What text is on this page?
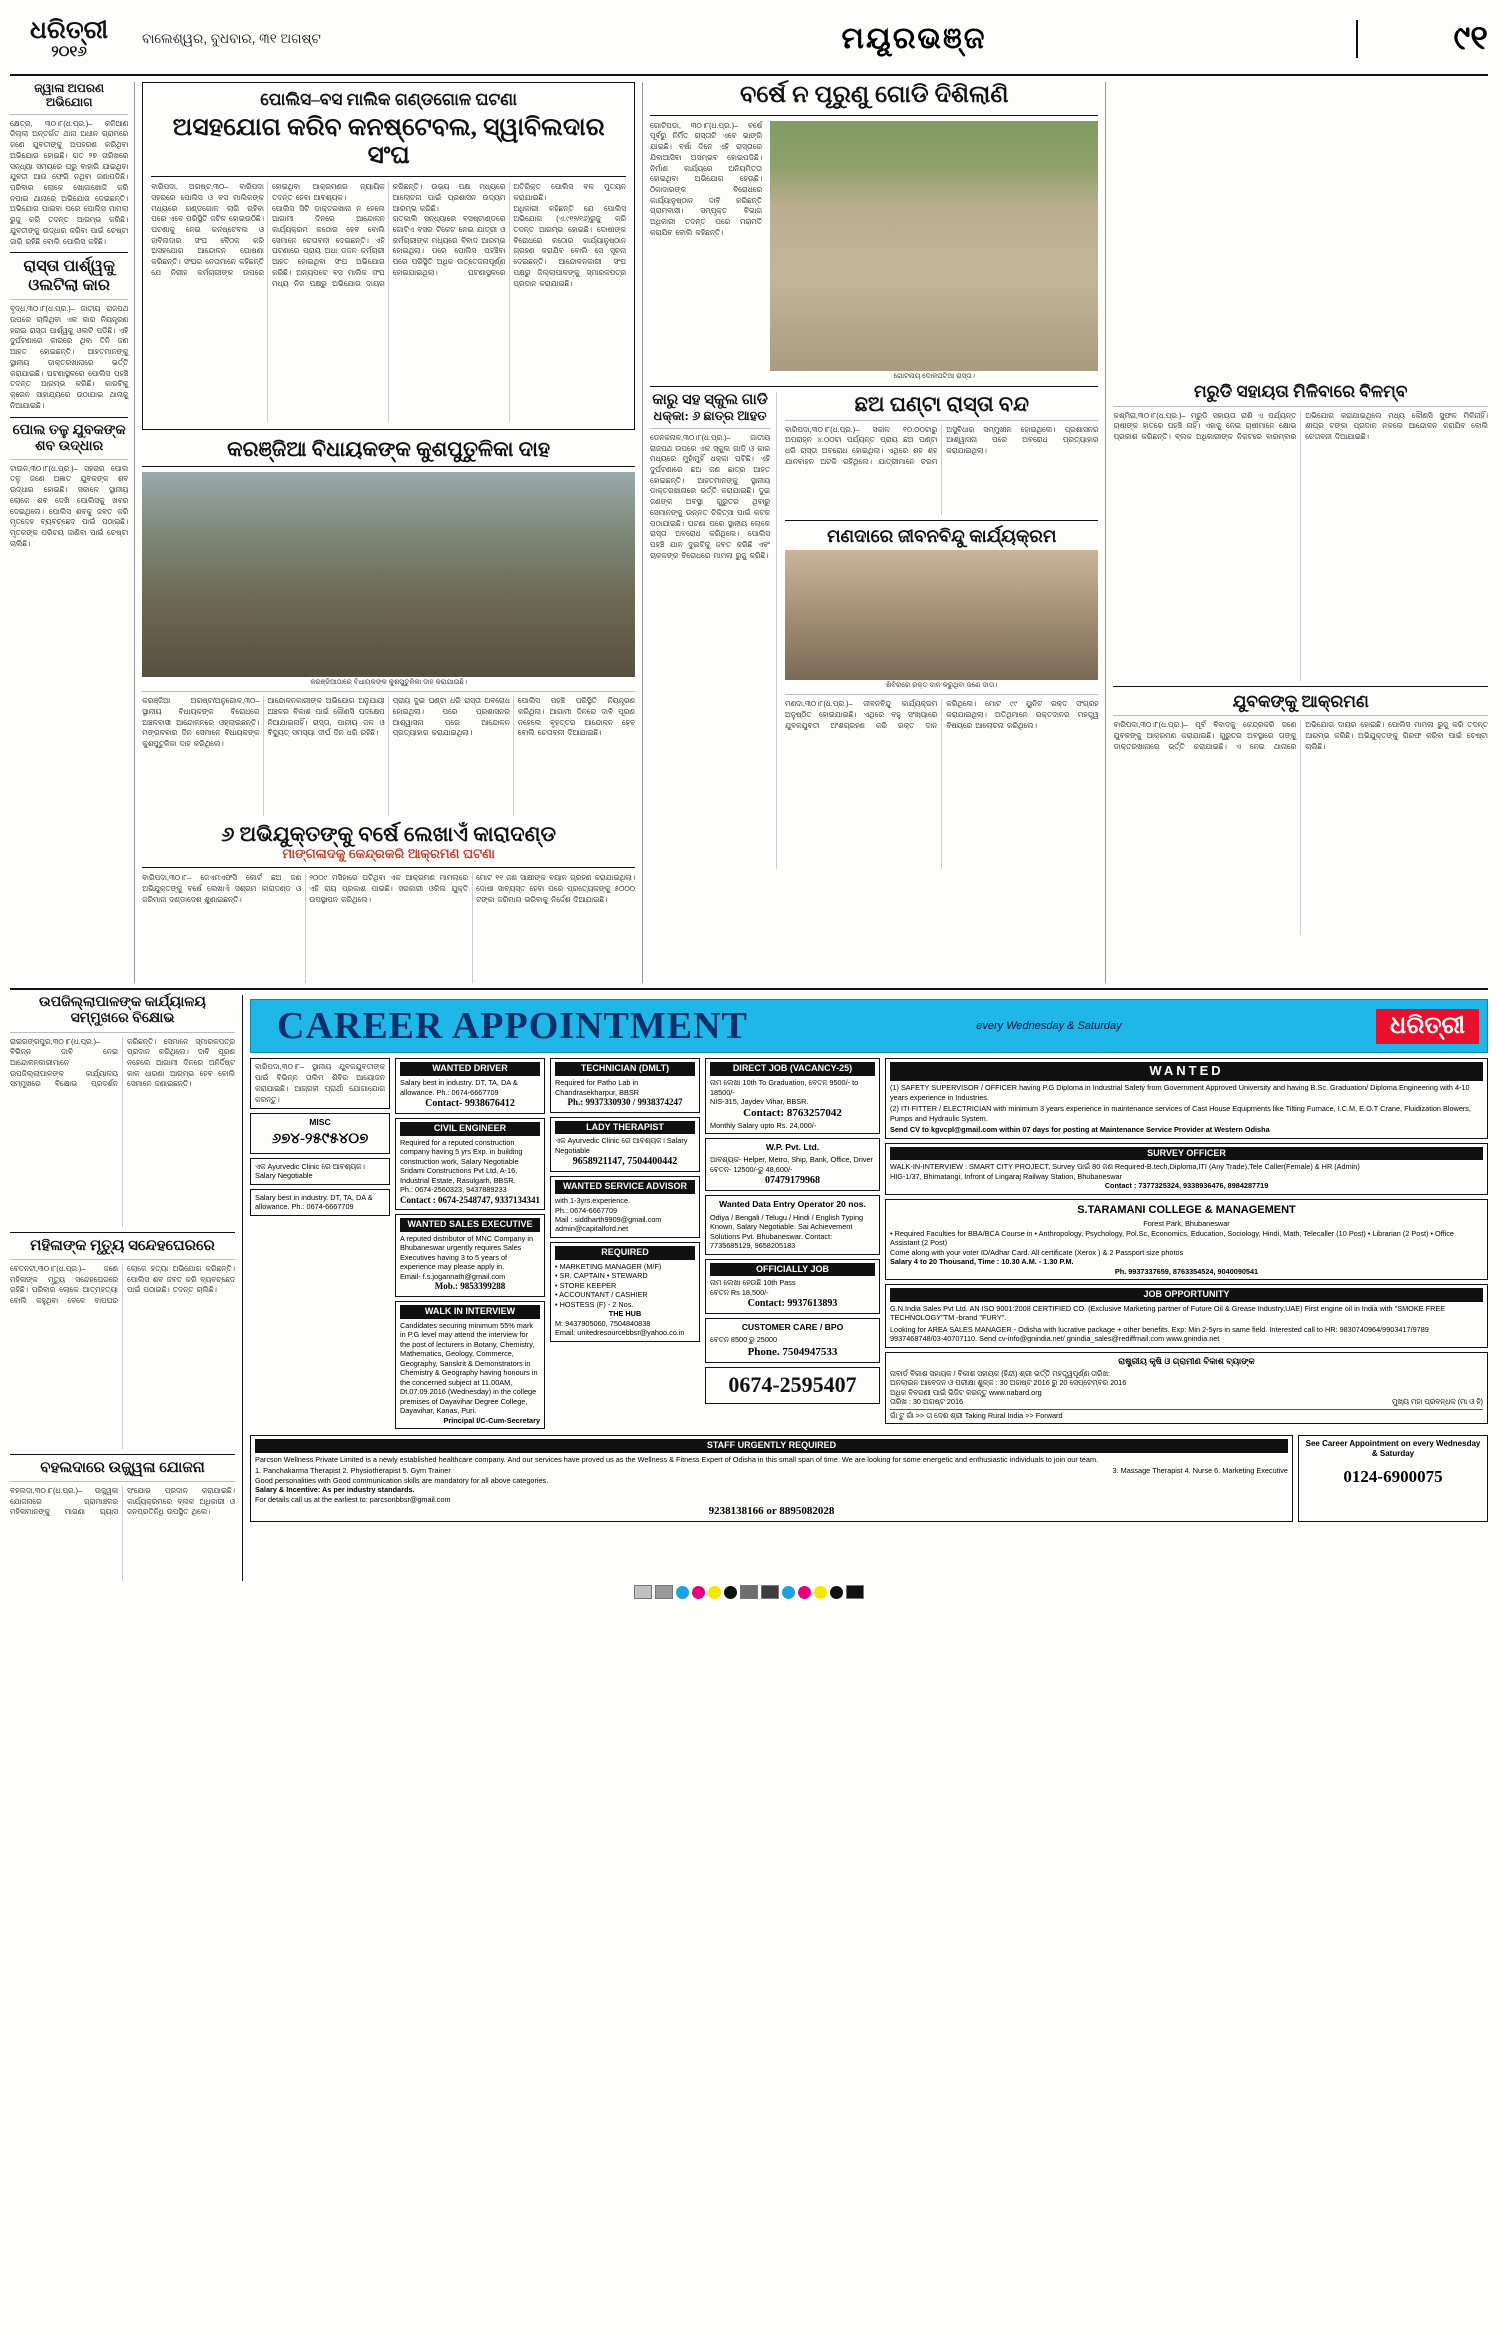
ଧରିତ୍ରୀ
୨୦୧୬
ବାଲେଶ୍ୱର, ବୁଧବାର, ୩୧ ଅଗଷ୍ଟ	ମୟୂରଭଞ୍ଜ	୯୧
ଜ୍ୱାଳା ଅପରଣ ଅଭିଯୋଗ
କ୍ଷେତ୍ର, ୩୦।୮(ଧ.ପ୍ର.)– କଳିଆଣ ଜିଲ୍ଲା ଅନ୍ତର୍ଗତ ଥାନା ଅଧୀନ ଗ୍ରାମରେ ଜଣେ ଯୁବତୀଙ୍କୁ ଅପହରଣ କରିଥିବା ଅଭିଯୋଗ ହୋଇଛି। ଗତ ୨୭ ତାରିଖରେ ସନ୍ଧ୍ୟା ସମୟରେ ଘରୁ ବାହାରି ଯାଇଥିବା ଯୁବତୀ ଆଉ ଫେରି ନଥିବା ଜଣାପଡିଛି। ପରିବାର ଲୋକେ ଖୋଜାଖୋଜି କରି ନପାଇ ଥାନାରେ ଅଭିଯୋଗ ଦେଇଛନ୍ତି। ଅଭିଯୋଗ ପାଇବା ପରେ ପୋଲିସ ମାମଲା ରୁଜୁ କରି ତଦନ୍ତ ଆରମ୍ଭ କରିଛି। ଯୁବତୀଙ୍କୁ ଉଦ୍ଧାର କରିବା ପାଇଁ ଚେଷ୍ଟା ଜାରି ରହିଛି ବୋଲି ପୋଲିସ କହିଛି।
ରାସ୍ତା ପାର୍ଶ୍ୱକୁ ଓଲଟିଲା କାର
ବୃଦ୍ଧ,୩୦।୮(ଧ.ପ୍ର.)– ଜାତୀୟ ରାଜପଥ ଉପରେ ଚାଲିଥିବା ଏକ କାର ନିୟନ୍ତ୍ରଣ ହରାଇ ରାସ୍ତା ପାର୍ଶ୍ୱକୁ ଓଲଟି ପଡିଛି। ଏହି ଦୁର୍ଘଟଣାରେ କାରରେ ଥିବା ତିନି ଜଣ ଆହତ ହୋଇଛନ୍ତି। ଆହତମାନଙ୍କୁ ସ୍ଥାନୀୟ ଡାକ୍ତରଖାନାରେ ଭର୍ତ୍ତି କରାଯାଇଛି। ଘଟଣାସ୍ଥଳରେ ପୋଲିସ ପହଞ୍ଚି ତଦନ୍ତ ଆରମ୍ଭ କରିଛି। କାରଟିକୁ କ୍ରେନ ସାହାଯ୍ୟରେ ଉଠାଯାଇ ଥାନାକୁ ନିଆଯାଇଛି।
ପୋଲ ତଳୁ ଯୁବକଙ୍କ ଶବ ଉଦ୍ଧାର
ଟାଉନ,୩୦।୮(ଧ.ପ୍ର.)– ସହରର ପୋଲ ତଳୁ ଜଣେ ଅଜ୍ଞାତ ଯୁବକଙ୍କ ଶବ ଉଦ୍ଧାର ହୋଇଛି। ସକାଳେ ସ୍ଥାନୀୟ ଲୋକେ ଶବ ଦେଖି ପୋଲିସକୁ ଖବର ଦେଇଥିଲେ। ପୋଲିସ ଶବକୁ ଜବତ କରି ମୃତଦେହ ବ୍ୟବଚ୍ଛେଦ ପାଇଁ ପଠାଇଛି। ମୃତକଙ୍କ ପରିଚୟ ଜାଣିବା ପାଇଁ ଚେଷ୍ଟା ଚାଲିଛି।
ପୋଲିସ–ବସ ମାଲିକ ଗଣ୍ଡଗୋଳ ଘଟଣା
ଅସହଯୋଗ କରିବ କନଷ୍ଟେବଲ, ସ୍ୱାବିଲଦାର ସଂଘ
ବାରିପଦା, ଅଗଷ୍ଟ,୩୦– ବାରିପଦା ସହରରେ ପୋଲିସ ଓ ବସ ମାଲିକଙ୍କ ମଧ୍ୟରେ ଗଣ୍ଡଗୋଳ ଲାଗି ରହିବା ପରେ ଏବେ ପରିସ୍ଥିତି ଜଟିଳ ହୋଇଉଠିଛି। ଘଟଣାକୁ ନେଇ କନଷ୍ଟେବଲ ଓ ହାବିଲଦାର ସଂଘ ବୈଠକ କରି ଅସହଯୋଗ ଆନ୍ଦୋଳନ ଘୋଷଣା କରିଛନ୍ତି। ସଂଘର ନେତାମାନେ କହିଛନ୍ତି ଯେ ନିରୀହ କର୍ମଚାରୀଙ୍କ ଉପରେ ହୋଇଥିବା ଆକ୍ରମଣର ନ୍ୟାୟିକ ତଦନ୍ତ ହେବା ଆବଶ୍ୟକ।
ପୋଲିସ ସିଟି ଡାକ୍ତରଖାନା ନ ହେଲେ ଆଗାମୀ ଦିନରେ ଆନ୍ଦୋଳନ କାର୍ଯ୍ୟକ୍ରମ କଠୋର ହେବ ବୋଲି ସେମାନେ ଚେତାବନୀ ଦେଇଛନ୍ତି। ଏହି ଘଟଣାରେ ପ୍ରାୟ ଅଧା ଡଜନ କର୍ମଚାରୀ ଆହତ ହୋଇଥିବା ସଂଘ ଅଭିଯୋଗ କରିଛି। ଅନ୍ୟପଟେ ବସ ମାଲିକ ସଂଘ ମଧ୍ୟ ନିଜ ପକ୍ଷରୁ ଅଭିଯୋଗ ଦାୟର କରିଛନ୍ତି। ଉଭୟ ପକ୍ଷ ମଧ୍ୟରେ ଆଲୋଚନା ପାଇଁ ପ୍ରଶାସନ ଉଦ୍ୟମ ଆରମ୍ଭ କରିଛି।
ଗତକାଲି ସନ୍ଧ୍ୟାରେ ବସଷ୍ଟାଣ୍ଡରେ ଗୋଟିଏ ବସର ଟିକେଟ ନେଇ ଯାତ୍ରୀ ଓ କର୍ମଚାରୀଙ୍କ ମଧ୍ୟରେ ବିବାଦ ଆରମ୍ଭ ହୋଇଥିଲା। ପରେ ପୋଲିସ ପହଞ୍ଚିବା ପରେ ପରିସ୍ଥିତି ଅଧିକ ଉତ୍ତେଜନାପୂର୍ଣ୍ଣ ହୋଇଯାଇଥିଲା। ଘଟଣାସ୍ଥଳରେ ଅତିରିକ୍ତ ପୋଲିସ ବଳ ମୁତୟନ କରାଯାଇଛି।
ଅଧିକାରୀ କହିଛନ୍ତି ଯେ ପୋଲିସ ଅଭିଯୋଗ (ଏ.୯୧୨/୧୬)ରୁଜୁ କରି ତଦନ୍ତ ଆରମ୍ଭ ହୋଇଛି। ଦୋଷୀଙ୍କ ବିରୋଧରେ କଠୋର କାର୍ଯ୍ୟାନୁଷ୍ଠାନ ଗ୍ରହଣ କରାଯିବ ବୋଲି ସେ ସୂଚନା ଦେଇଛନ୍ତି। ଆନ୍ଦୋଳନକାରୀ ସଂଘ ପକ୍ଷରୁ ଜିଲ୍ଲାପାଳଙ୍କୁ ସ୍ମାରକପତ୍ର ପ୍ରଦାନ କରାଯାଇଛି।
କରଞ୍ଜିଆ ବିଧାୟକଙ୍କ କୁଶପୁତୁଳିକା ଦାହ
କରଞ୍ଜିଆଠାରେ ବିଧାୟକଙ୍କ କୁଶପୁତୁଳିକା ଦାହ କରାଯାଉଛି।
କରଞ୍ଜିଆ ଅଗଷ୍ଟ/ଅନୁଗୋଳ,୩୦– ସ୍ଥାନୀୟ ବିଧାୟକଙ୍କ ବିରୋଧରେ ଅଞ୍ଚଳବାସୀ ଆନ୍ଦୋଳନରେ ଓହ୍ଲାଇଛନ୍ତି। ମଙ୍ଗଳବାର ଦିନ ସେମାନେ ବିଧାୟକଙ୍କ କୁଶପୁତୁଳିକା ଦାହ କରିଥିଲେ।
ଆନ୍ଦୋଳନକାରୀଙ୍କ ଅଭିଯୋଗ ଅନୁଯାୟୀ ଅଞ୍ଚଳର ବିକାଶ ପାଇଁ କୌଣସି ପଦକ୍ଷେପ ନିଆଯାଇନାହିଁ। ରାସ୍ତା, ପାନୀୟ ଜଳ ଓ ବିଦ୍ୟୁତ୍ ସମସ୍ୟା ଦୀର୍ଘ ଦିନ ଧରି ରହିଛି।
ପ୍ରାୟ ଦୁଇ ଘଣ୍ଟା ଧରି ରାସ୍ତା ଅବରୋଧ ହୋଇଥିଲା। ପରେ ପ୍ରଶାସନର ଆଶ୍ୱାସନା ପରେ ଆନ୍ଦୋଳନ ପ୍ରତ୍ୟାହାର କରାଯାଇଥିଲା।
ପୋଲିସ ପହଞ୍ଚି ପରିସ୍ଥିତି ନିୟନ୍ତ୍ରଣ କରିଥିଲା। ଆଗାମୀ ଦିନରେ ଦାବି ପୂରଣ ନହେଲେ ବୃହତ୍ତର ଆନ୍ଦୋଳନ ହେବ ବୋଲି ଚେତାବନୀ ଦିଆଯାଇଛି।
୬ ଅଭିଯୁକ୍ତଙ୍କୁ ବର୍ଷେ ଲେଖାଏଁ କାରାଦଣ୍ଡ
ମାଙ୍ଗଳାଦକୁ କେନ୍ଦ୍ରକରି ଆକ୍ରମଣ ଘଟଣା
ବାରିପଦା,୩୦।୮– ଜେଏମଏଫସି କୋର୍ଟ ଛଅ ଜଣ ଅଭିଯୁକ୍ତଙ୍କୁ ବର୍ଷେ ଲେଖାଏଁ ସଶ୍ରମ କାରାଦଣ୍ଡ ଓ ଜରିମାନା ଦଣ୍ଡାଦେଶ ଶୁଣାଇଛନ୍ତି।
୨୦୦୯ ମସିହାରେ ଘଟିଥିବା ଏକ ଆକ୍ରମଣ ମାମଲାରେ ଏହି ରାୟ ପ୍ରକାଶ ପାଇଛି। ସରକାରୀ ଓକିଲ ଯୁକ୍ତି ଉପସ୍ଥାପନ କରିଥିଲେ।
ମୋଟ ୧୧ ଜଣ ସାକ୍ଷୀଙ୍କ ବୟାନ ଗ୍ରହଣ କରାଯାଇଥିଲା। ଦୋଷୀ ସାବ୍ୟସ୍ତ ହେବା ପରେ ପ୍ରତ୍ୟେକଙ୍କୁ ୫୦୦୦ ଟଙ୍କା ଜରିମାନା ଭରିବାକୁ ନିର୍ଦ୍ଦେଶ ଦିଆଯାଇଛି।
ବର୍ଷେ ନ ପୂରୁଣୁ ଗୋଡି ଦିଶିଲାଣି
ଗୋଟିପଡା, ୩୦।୮(ଧ.ପ୍ର.)– ବର୍ଷେ ପୂର୍ବରୁ ନିର୍ମିତ ରାସ୍ତାଟି ଏବେ ଭାଙ୍ଗି ଯାଇଛି। ବର୍ଷା ଦିନେ ଏହି ରାସ୍ତାରେ ଯିବାଆସିବା ଅସମ୍ଭବ ହୋଇପଡିଛି। ନିର୍ମାଣ କାର୍ଯ୍ୟରେ ଅନିୟମିତତା ହୋଇଥିବା ଅଭିଯୋଗ ହେଉଛି। ଠିକାଦାରଙ୍କ ବିରୋଧରେ କାର୍ଯ୍ୟାନୁଷ୍ଠାନ ଦାବି କରିଛନ୍ତି ଗ୍ରାମବାସୀ। ସମ୍ପୃକ୍ତ ବିଭାଗ ଅଧିକାରୀ ତଦନ୍ତ ପରେ ମରାମତି କରାଯିବ ବୋଲି କହିଛନ୍ତି।
ଗୋଟନାୟ ଦୋଳପଟିଆ ରାସ୍ତା।
କାରୁ ସହ ସ୍କୁଲ ଗାଡି
ଧକ୍କା: ୬ ଛାତ୍ର ଆହତ
ଡେନକନାଳ,୩୦।୮(ଧ.ପ୍ର.)– ଜାତୀୟ ରାଜପଥ ଉପରେ ଏକ ସ୍କୁଲ ଗାଡି ଓ କାର ମଧ୍ୟରେ ମୁହାଁମୁହିଁ ଧକ୍କା ଘଟିଛି। ଏହି ଦୁର୍ଘଟଣାରେ ଛଅ ଜଣ ଛାତ୍ର ଆହତ ହୋଇଛନ୍ତି। ଆହତମାନଙ୍କୁ ସ୍ଥାନୀୟ ଡାକ୍ତରଖାନାରେ ଭର୍ତ୍ତି କରାଯାଇଛି। ଦୁଇ ଜଣଙ୍କ ଅବସ୍ଥା ଗୁରୁତର ଥିବାରୁ ସେମାନଙ୍କୁ ଉନ୍ନତ ଚିକିତ୍ସା ପାଇଁ କଟକ ପଠାଯାଇଛି। ଘଟଣା ପରେ ସ୍ଥାନୀୟ ଲୋକେ ରାସ୍ତା ଅବରୋଧ କରିଥିଲେ। ପୋଲିସ ପହଞ୍ଚି ଯାନ ଦୁଇଟିକୁ ଜବତ କରିଛି ଏବଂ ଚାଳକଙ୍କ ବିରୋଧରେ ମାମଲା ରୁଜୁ କରିଛି।
ଛଅ ଘଣ୍ଟା ରାସ୍ତା ବନ୍ଦ
ବାରିପଦା,୩୦।୮(ଧ.ପ୍ର.)– ସକାଳ ୧୦.୦୦ଟାରୁ ଅପରାହ୍ନ ୪.୦୦ଟା ପର୍ଯ୍ୟନ୍ତ ପ୍ରାୟ ଛଅ ଘଣ୍ଟା ଧରି ରାସ୍ତା ଅବରୋଧ ହୋଇଥିଲା। ଏଥିରେ ଶହ ଶହ ଯାନବାହନ ଅଟକି ରହିଥିଲେ। ଯାତ୍ରୀମାନେ ଚରମ ଅସୁବିଧାର ସମ୍ମୁଖୀନ ହୋଇଥିଲେ। ପ୍ରଶାସନର ଆଶ୍ୱାସନା ପରେ ଅବରୋଧ ପ୍ରତ୍ୟାହାର କରାଯାଇଥିଲା।
ମଣଦାରେ ଜୀବନବିନ୍ଦୁ କାର୍ଯ୍ୟକ୍ରମ
ଶିବିରରେ ରକ୍ତ ଦାନ କରୁଥିବା ଜଣେ ଦାତା।
ମଣଦା,୩୦।୮(ଧ.ପ୍ର.)– ଜୀବନବିନ୍ଦୁ କାର୍ଯ୍ୟକ୍ରମ ଅନୁଷ୍ଠିତ ହୋଇଯାଇଛି। ଏଥିରେ ବହୁ ସଂଖ୍ୟାରେ ଯୁବକଯୁବତୀ ଅଂଶଗ୍ରହଣ କରି ରକ୍ତ ଦାନ କରିଥିଲେ। ମୋଟ ୯୯ ୟୁନିଟ ରକ୍ତ ସଂଗ୍ରହ କରାଯାଇଥିଲା। ଅତିଥିମାନେ ରକ୍ତଦାନର ମହତ୍ତ୍ୱ ବିଷୟରେ ଆଲୋଚନା କରିଥିଲେ।
ମରୁଡି ସହାୟତା ମିଳିବାରେ ବିଳମ୍ବ
କଶ୍ମିରା,୩୦।୮(ଧ.ପ୍ର.)– ମରୁଡି ସହାୟତା ରାଶି ଏ ପର୍ଯ୍ୟନ୍ତ ଚାଷୀଙ୍କ ହାତରେ ପହଞ୍ଚି ନାହିଁ। ଏହାକୁ ନେଇ ଚାଷୀମାନେ କ୍ଷୋଭ ପ୍ରକାଶ କରିଛନ୍ତି। ବ୍ଲକ ଅଧିକାରୀଙ୍କ ନିକଟରେ ବାରମ୍ବାର ଅଭିଯୋଗ କରାଯାଇଥିଲେ ମଧ୍ୟ କୌଣସି ସୁଫଳ ମିଳିନାହିଁ। ଶୀଘ୍ର ଟଙ୍କା ପ୍ରଦାନ ନକଲେ ଆନ୍ଦୋଳନ କରାଯିବ ବୋଲି ଚେତାବନୀ ଦିଆଯାଇଛି।
ଯୁବକଙ୍କୁ ଆକ୍ରମଣ
ବାରିପଦା,୩୦।୮(ଧ.ପ୍ର.)– ପୂର୍ବ ବିବାଦକୁ କେନ୍ଦ୍ରକରି ଜଣେ ଯୁବକଙ୍କୁ ଆକ୍ରମଣ କରାଯାଇଛି। ଗୁରୁତର ଅବସ୍ଥାରେ ତାଙ୍କୁ ଡାକ୍ତରଖାନାରେ ଭର୍ତ୍ତି କରାଯାଇଛି। ଏ ନେଇ ଥାନାରେ ଅଭିଯୋଗ ଦାୟର ହୋଇଛି। ପୋଲିସ ମାମଲା ରୁଜୁ କରି ତଦନ୍ତ ଆରମ୍ଭ କରିଛି। ଅଭିଯୁକ୍ତଙ୍କୁ ଗିରଫ କରିବା ପାଇଁ ଚେଷ୍ଟା ଚାଲିଛି।
ଉପଜିଲ୍ଲାପାଳଙ୍କ କାର୍ଯ୍ୟାଳୟ ସମ୍ମୁଖରେ ବିକ୍ଷୋଭ
ରାଇରଙ୍ଗପୁର,୩୦।୮(ଧ.ପ୍ର.)– ବିଭିନ୍ନ ଦାବି ନେଇ ଆନ୍ଦୋଳନକାରୀମାନେ ଉପଜିଲ୍ଲାପାଳଙ୍କ କାର୍ଯ୍ୟାଳୟ ସମ୍ମୁଖରେ ବିକ୍ଷୋଭ ପ୍ରଦର୍ଶନ କରିଛନ୍ତି। ସେମାନେ ସ୍ମାରକପତ୍ର ପ୍ରଦାନ କରିଥିଲେ। ଦାବି ପୂରଣ ନହେଲେ ଆଗାମୀ ଦିନରେ ଅନିର୍ଦ୍ଦିଷ୍ଟ କାଳ ଧାରଣା ଆରମ୍ଭ ହେବ ବୋଲି ସେମାନେ ଜଣାଇଛନ୍ତି।
ମହିଳାଙ୍କ ମୃତ୍ୟୁ ସନ୍ଦେହଘେରରେ
ବେତନଟୀ,୩୦।୮(ଧ.ପ୍ର.)– ଜଣେ ମହିଳାଙ୍କ ମୃତ୍ୟୁ ସନ୍ଦେହଘେରରେ ରହିଛି। ପରିବାର ଲୋକେ ଆତ୍ମହତ୍ୟା ବୋଲି କହୁଥିବା ବେଳେ ବାପଘର ଲୋକେ ହତ୍ୟା ଅଭିଯୋଗ କରିଛନ୍ତି। ପୋଲିସ ଶବ ଜବତ କରି ବ୍ୟବଚ୍ଛେଦ ପାଇଁ ପଠାଇଛି। ତଦନ୍ତ ଚାଲିଛି।
ବହଲଦାରେ ଉଜ୍ଜ୍ୱଳା ଯୋଜନା
ବହଲଦା,୩୦।୮(ଧ.ପ୍ର.)– ଉଜ୍ଜ୍ୱଳା ଯୋଜନାରେ ଗ୍ରାମାଞ୍ଚଳର ମହିଳାମାନଙ୍କୁ ମାଗଣା ଗ୍ୟାସ ସଂଯୋଗ ପ୍ରଦାନ କରାଯାଇଛି। କାର୍ଯ୍ୟକ୍ରମରେ ବ୍ଲକ ଅଧିକାରୀ ଓ ଜନପ୍ରତିନିଧି ଉପସ୍ଥିତ ଥିଲେ।
CAREER APPOINTMENT	every Wednesday & Saturday	ଧରିତ୍ରୀ
ବାରିପଦା,୩୦।୮– ସ୍ଥାନୀୟ ଯୁବକଯୁବତୀଙ୍କ ପାଇଁ ବିଭିନ୍ନ ତାଲିମ ଶିବିର ଆୟୋଜନ କରାଯାଇଛି। ଆଗ୍ରହୀ ପ୍ରାର୍ଥୀ ଯୋଗାଯୋଗ କରନ୍ତୁ।
MISC
୬୭୪-୨୫୯୫୪୦୭
ଏକ Ayurvedic Clinic ରେ ଆବଶ୍ୟକ। Salary Negotiable
Salary best in industry. DT, TA, DA & allowance. Ph.: 0674-6667709
WANTED DRIVER
Salary best in industry. DT, TA, DA & allowance. Ph.: 0674-6667709
Contact- 9938676412
CIVIL ENGINEER
Required for a reputed construction company having 5 yrs Exp. in building construction work, Salary Negotiable
Sridami Constructions Pvt Ltd, A-16, Industrial Estate, Rasulgarh, BBSR.
Ph.: 0674-2560323, 9437889233
Contact : 0674-2548747, 9337134341
WANTED SALES EXECUTIVE
A reputed distributor of MNC Company in Bhubaneswar urgently requires Sales Executives having 3 to 5 years of experience may please apply in.
Email- f.s.jogannath@gmail.com
Mob.: 9853399288
WALK IN INTERVIEW
Candidates securing minimum 55% mark in P.G level may attend the interview for the post of lecturers in Botany, Chemistry, Mathematics, Geology, Commerce, Geography, Sanskrit & Demonstrators in Chemistry & Geography having honours in the concerned subject at 11.00AM, Dt.07.09.2016 (Wednesday) in the college premises of Dayavihar Degree College, Dayavihar, Kanas, Puri.
Principal I/C-Cum-Secretary
TECHNICIAN (DMLT)
Required for Patho Lab in
Chandrasekharpur, BBSR
Ph.: 9937330930 / 9938374247
LADY THERAPIST
ଏକ Ayurvedic Clinic ରେ ଆବଶ୍ୟକ। Salary Negotiable
9658921147, 7504400442
WANTED SERVICE ADVISOR
with 1-3yrs.experience.
Ph.: 0674-6667709
Mail : siddharth9909@gmail.com
admin@capitalford.net
REQUIRED
• MARKETING MANAGER (M/F)
• SR. CAPTAIN • STEWARD
• STORE KEEPER
• ACCOUNTANT / CASHIER
• HOSTESS (F) - 2 Nos.
THE HUB
M: 9437905060, 7504840838
Email: unitedresourcebbsr@yahoo.co.in
DIRECT JOB (VACANCY-25)
ନାମ ଲେଖା 10th To Graduation, ବେତନ 9500/- to 18500/-
NIS-315, Jaydev Vihar, BBSR.
Contact: 8763257042
Monthly Salary upto Rs. 24,000/-
W.P. Pvt. Ltd.
ଆବଶ୍ୟକ- Helper, Metro, Ship, Bank, Office, Driver
ବେତନ- 12500/-ରୁ 48,600/-
07479179968
Wanted Data Entry Operator 20 nos.
Odiya / Bengali / Telugu / Hindi / English Typing Known, Salary Negotiable. Sai Achievement Solutions Pvt. Bhubaneswar. Contact: 7735685129, 9658205183
OFFICIALLY JOB
ନାମ ଲେଖା ହେଉଛି 10th Pass
ବେତନ Rs 18,500/-
Contact: 9937613893
CUSTOMER CARE / BPO
ବେତନ 8500 ରୁ 25000
Phone. 7504947533
0674-2595407
WANTED
(1) SAFETY SUPERVISOR / OFFICER having P.G Diploma in Industrial Safety from Government Approved University and having B.Sc. Graduation/ Diploma Engineering with 4-10 years experience in Industries.
(2) ITI FITTER / ELECTRICIAN with minimum 3 years experience in maintenance services of Cast House Equipments like Tilting Furnace, I.C.M, E.O.T Crane, Fluidization Blowers, Pumps and Hydraulic System.
Send CV to kgvcpl@gmail.com within 07 days for posting at Maintenance Service Provider at Western Odisha
SURVEY OFFICER
WALK-IN-INTERVIEW : SMART CITY PROJECT, Survey ପାଇଁ 80 ଜଣ Required-B.tech,Diploma,ITI (Any Trade),Tele Caller(Female) & HR (Admin)
HIG-1/37, Bhimatangi, Infront of Lingaraj Railway Station, Bhubaneswar
Contact : 7377325324, 9338936476, 8984287719
S.TARAMANI COLLEGE & MANAGEMENT
Forest Park, Bhubaneswar
• Required Faculties for BBA/BCA Course in • Anthropology, Psychology, Pol.Sc, Economics, Education, Sociology, Hindi, Math, Telecaller (10 Post) • Librarian (2 Post) • Office Assistant (2 Post)
Come along with your voter ID/Adhar Card. All certificate (Xerox ) & 2 Passport size photos
Salary 4 to 20 Thousand, Time : 10.30 A.M. - 1.30 P.M.
Ph. 9937337659, 8763354524, 9040090541
JOB OPPORTUNITY
G.N.India Sales Pvt Ltd. AN ISO 9001:2008 CERTIFIED CO. (Exclusive Marketing partner of Future Oil & Grease Industry,UAE) First engine oil in India with "SMOKE FREE TECHNOLOGY"TM -brand "FURY".
Looking for AREA SALES MANAGER - Odisha with lucrative package + other benefits. Exp: Min 2-5yrs in same field. Interested call to HR: 9830740964/9903417/9789 9937468748/03-40707110. Send cv-info@gnindia.net/ gnindia_sales@rediffmail.com www.gnindia.net
ରାଷ୍ଟ୍ରୀୟ କୃଷି ଓ ଗ୍ରାମୀଣ ବିକାଶ ବ୍ୟାଙ୍କ
ନାବାର୍ଡ ବିକାଶ ସହାୟକ / ବିକାଶ ସହାୟକ (ହିନ୍ଦୀ) ଶ୍ରୀ ଭର୍ତ୍ତି ମହତ୍ତ୍ୱପୂର୍ଣ୍ଣ ତାରିଖ:
ଅନଲାଇନ ଆବେଦନ ଓ ପରୀକ୍ଷା ଶୁଳ୍କ : 30 ଅଗଷ୍ଟ 2016 ରୁ 20 ସେପ୍ଟେମ୍ବର 2016
ଅଧିକ ବିବରଣୀ ପାଇଁ ଭିଜିଟ କରନ୍ତୁ www.nabard.org
ତାରିଖ : 30 ଅଗଷ୍ଟ 2016	ମୁଖ୍ୟ ମହା ପ୍ରବନ୍ଧକ (ମା ଓ ହି)
ଗାଁ ଟୁ ଗାଁ >> ତା ଦେଶ ଶ୍ରୀ Taking Rural India >> Forward
STAFF URGENTLY REQUIRED
Parcson Wellness Private Limited is a newly established healthcare company. And our services have proved us as the Wellness & Fitness Expert of Odisha in this small span of time. We are looking for some energetic and enthusiastic individuals to join our team.
1. Panchakarma Therapist 2. Physiotherapist 5. Gym Trainer	3. Massage Therapist 4. Nurse 6. Marketing Executive
Good personalities with Good communication skills are mandatory for all above categories.
Salary & Incentive: As per industry standards.
For details call us at the earliest to: parcsonbbsr@gmail.com
9238138166 or 8895082028
See Career Appointment on every Wednesday & Saturday
0124-6900075
